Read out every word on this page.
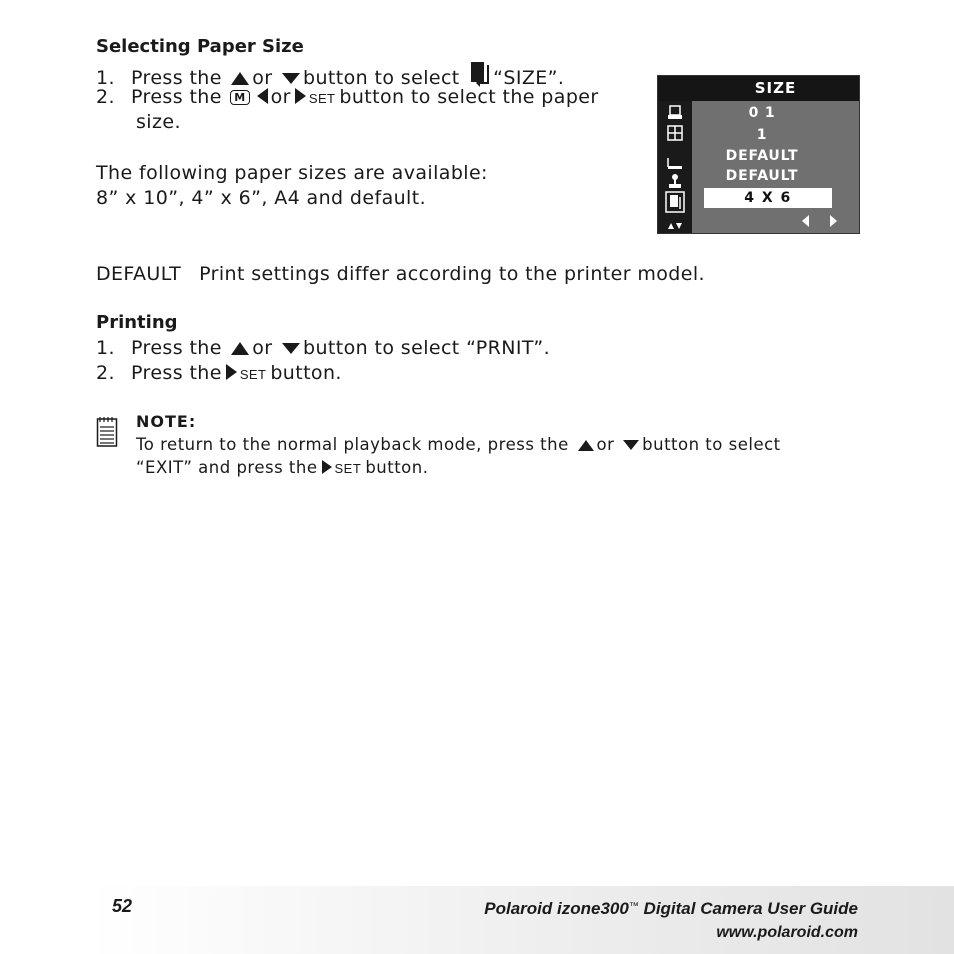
Selecting Paper Size
1. Press the or button to select “SIZE”.
2. Press the M or SET button to select the paper
size.
The following paper sizes are available:
8” x 10”, 4” x 6”, A4 and default.
SIZE
0 1
1
DEFAULT
DEFAULT
4 X 6
DEFAULT Print settings differ according to the printer model.
Printing
1. Press the or button to select “PRNIT”.
2. Press the SET button.
NOTE:
To return to the normal playback mode, press the or button to select
“EXIT” and press the SET button.
52	Polaroid izone300™ Digital Camera User Guide
www.polaroid.com
